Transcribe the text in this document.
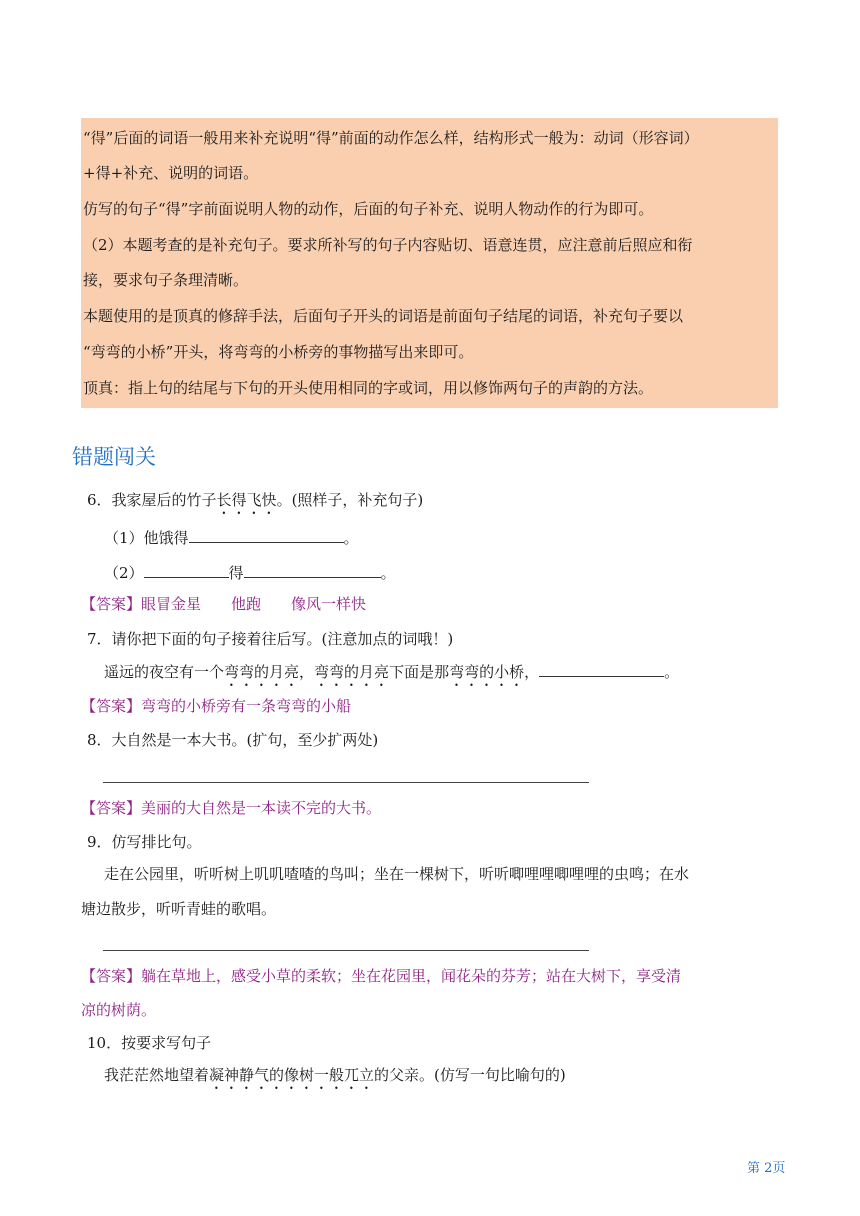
“得”后面的词语一般用来补充说明“得”前面的动作怎么样，结构形式一般为：动词（形容词）
+得+补充、说明的词语。
仿写的句子“得”字前面说明人物的动作，后面的句子补充、说明人物动作的行为即可。
（2）本题考查的是补充句子。要求所补写的句子内容贴切、语意连贯，应注意前后照应和衔
接，要求句子条理清晰。
本题使用的是顶真的修辞手法，后面句子开头的词语是前面句子结尾的词语，补充句子要以
“弯弯的小桥”开头，将弯弯的小桥旁的事物描写出来即可。
顶真：指上句的结尾与下句的开头使用相同的字或词，用以修饰两句子的声韵的方法。
错题闯关
6．我家屋后的竹子长得飞快。(照样子，补充句子)
（1）他饿得	。
（2）	得	。
【答案】眼冒金星　　他跑　　像风一样快
7．请你把下面的句子接着往后写。(注意加点的词哦！)
遥远的夜空有一个弯弯的月亮，弯弯的月亮下面是那弯弯的小桥，	。
【答案】弯弯的小桥旁有一条弯弯的小船
8．大自然是一本大书。(扩句，至少扩两处)
【答案】美丽的大自然是一本读不完的大书。
9．仿写排比句。
走在公园里，听听树上叽叽喳喳的鸟叫；坐在一棵树下，听听唧哩哩唧哩哩的虫鸣；在水
塘边散步，听听青蛙的歌唱。
【答案】躺在草地上，感受小草的柔软；坐在花园里，闻花朵的芬芳；站在大树下，享受清
凉的树荫。
10．按要求写句子
我茫茫然地望着凝神静气的像树一般兀立的父亲。(仿写一句比喻句的)
第 2页
